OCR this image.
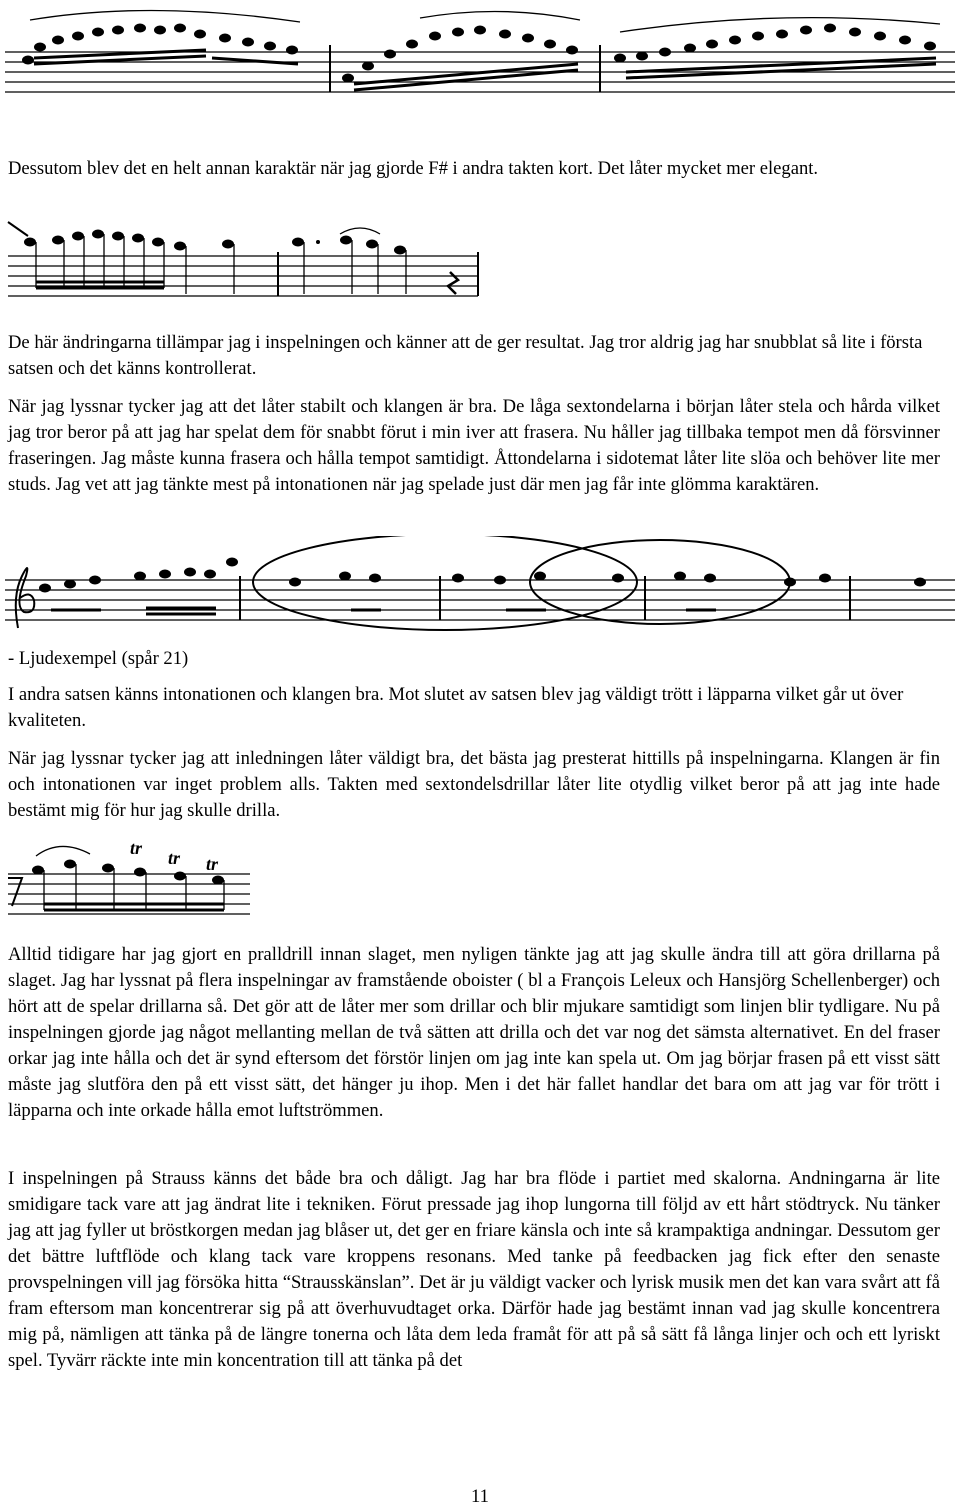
Dessutom blev det en helt annan karaktär när jag gjorde F# i andra takten kort. Det låter mycket mer elegant.

De här ändringarna tillämpar jag i inspelningen och känner att de ger resultat. Jag tror aldrig jag har snubblat så lite i första satsen och det känns kontrollerat.

När jag lyssnar tycker jag att det låter stabilt och klangen är bra. De låga sextondelarna i början låter stela och hårda vilket jag tror beror på att jag har spelat dem för snabbt förut i min iver att frasera. Nu håller jag tillbaka tempot men då försvinner fraseringen. Jag måste kunna frasera och hålla tempot samtidigt. Åttondelarna i sidotemat låter lite slöa och behöver lite mer studs. Jag vet att jag tänkte mest på intonationen när jag spelade just där men jag får inte glömma karaktären.

- Ljudexempel (spår 21)

I andra satsen känns intonationen och klangen bra. Mot slutet av satsen blev jag väldigt trött i läpparna vilket går ut över kvaliteten.

När jag lyssnar tycker jag att inledningen låter väldigt bra, det bästa jag presterat hittills på inspelningarna. Klangen är fin och intonationen var inget problem alls. Takten med sextondelsdrillar låter lite otydlig vilket beror på att jag inte hade bestämt mig för hur jag skulle drilla.

tr tr tr

Alltid tidigare har jag gjort en pralldrill innan slaget, men nyligen tänkte jag att jag skulle ändra till att göra drillarna på slaget. Jag har lyssnat på flera inspelningar av framstående oboister ( bl a François Leleux och Hansjörg Schellenberger) och hört att de spelar drillarna så. Det gör att de låter mer som drillar och blir mjukare samtidigt som linjen blir tydligare. Nu på inspelningen gjorde jag något mellanting mellan de två sätten att drilla och det var nog det sämsta alternativet. En del fraser orkar jag inte hålla och det är synd eftersom det förstör linjen om jag inte kan spela ut. Om jag börjar frasen på ett visst sätt måste jag slutföra den på ett visst sätt, det hänger ju ihop. Men i det här fallet handlar det bara om att jag var för trött i läpparna och inte orkade hålla emot luftströmmen.

I inspelningen på Strauss känns det både bra och dåligt. Jag har bra flöde i partiet med skalorna. Andningarna är lite smidigare tack vare att jag ändrat lite i tekniken. Förut pressade jag ihop lungorna till följd av ett hårt stödtryck. Nu tänker jag att jag fyller ut bröstkorgen medan jag blåser ut, det ger en friare känsla och inte så krampaktiga andningar. Dessutom ger det bättre luftflöde och klang tack vare kroppens resonans. Med tanke på feedbacken jag fick efter den senaste provspelningen vill jag försöka hitta “Strausskänslan”. Det är ju väldigt vacker och lyrisk musik men det kan vara svårt att få fram eftersom man koncentrerar sig på att överhuvudtaget orka. Därför hade jag bestämt innan vad jag skulle koncentrera mig på, nämligen att tänka på de längre tonerna och låta dem leda framåt för att på så sätt få långa linjer och och ett lyriskt spel. Tyvärr räckte inte min koncentration till att tänka på det

11
